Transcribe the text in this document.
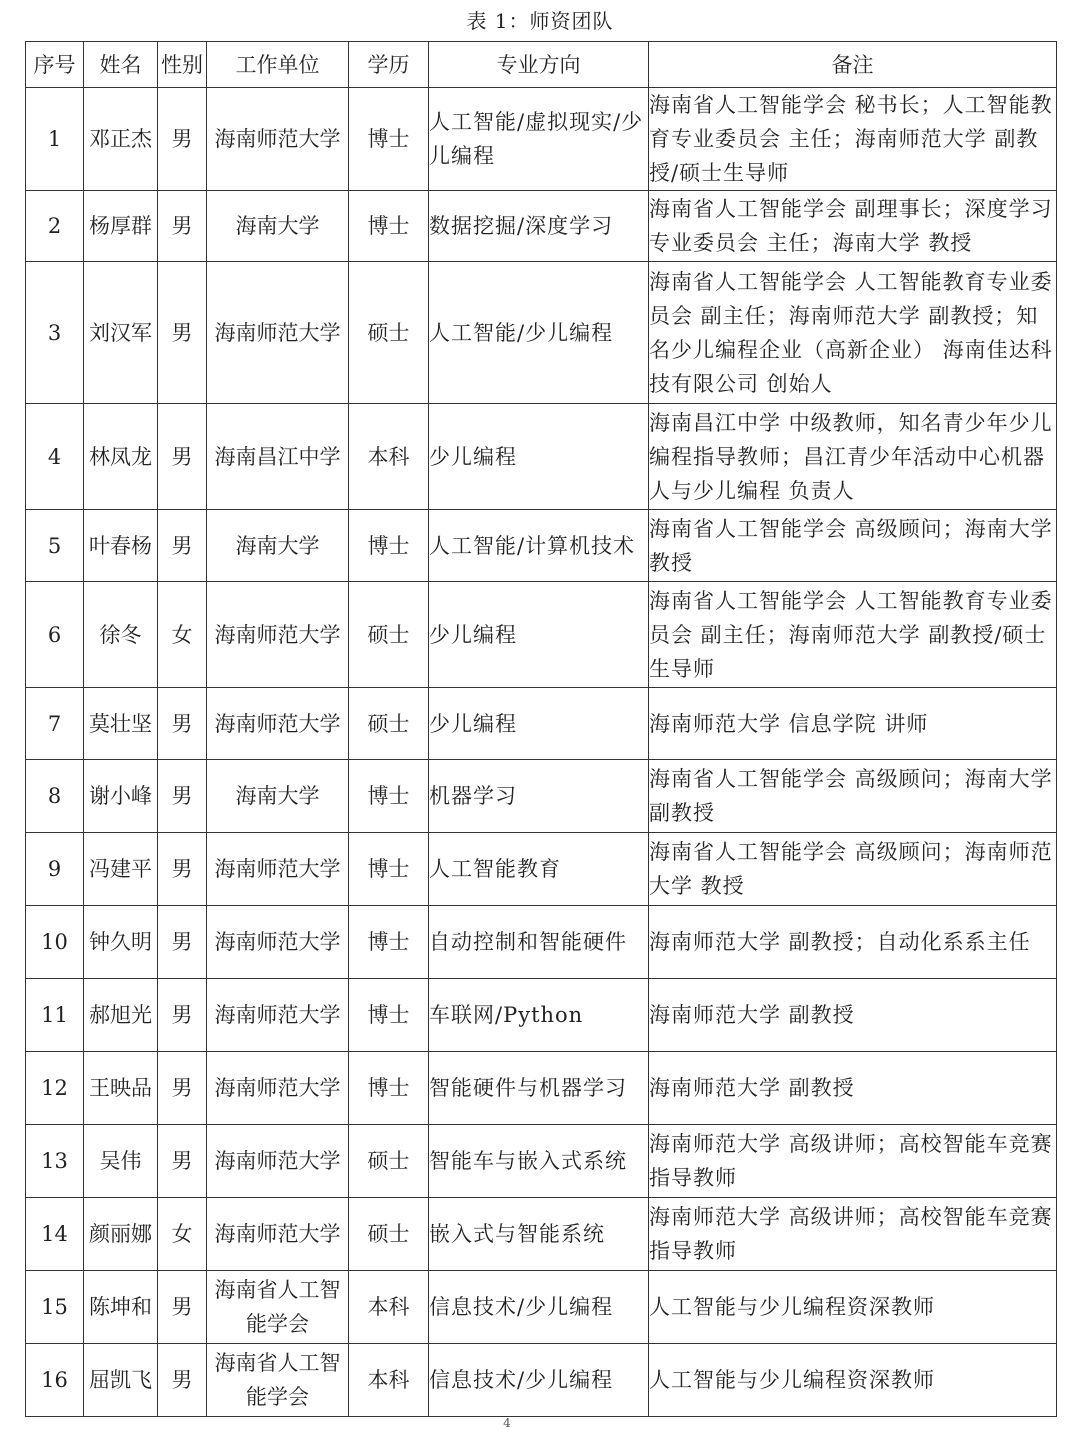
表 1：师资团队
序号	姓名	性别	工作单位	学历	专业方向	备注
1	邓正杰	男	海南师范大学	博士	人工智能/虚拟现实/少儿编程	海南省人工智能学会 秘书长；人工智能教育专业委员会 主任；海南师范大学 副教授/硕士生导师
2	杨厚群	男	海南大学	博士	数据挖掘/深度学习	海南省人工智能学会 副理事长；深度学习专业委员会 主任；海南大学 教授
3	刘汉军	男	海南师范大学	硕士	人工智能/少儿编程	海南省人工智能学会 人工智能教育专业委员会 副主任；海南师范大学 副教授；知名少儿编程企业（高新企业） 海南佳达科技有限公司 创始人
4	林凤龙	男	海南昌江中学	本科	少儿编程	海南昌江中学 中级教师，知名青少年少儿编程指导教师；昌江青少年活动中心机器人与少儿编程 负责人
5	叶春杨	男	海南大学	博士	人工智能/计算机技术	海南省人工智能学会 高级顾问；海南大学 教授
6	徐冬	女	海南师范大学	硕士	少儿编程	海南省人工智能学会 人工智能教育专业委员会 副主任；海南师范大学 副教授/硕士生导师
7	莫壮坚	男	海南师范大学	硕士	少儿编程	海南师范大学 信息学院 讲师
8	谢小峰	男	海南大学	博士	机器学习	海南省人工智能学会 高级顾问；海南大学 副教授
9	冯建平	男	海南师范大学	博士	人工智能教育	海南省人工智能学会 高级顾问；海南师范大学 教授
10	钟久明	男	海南师范大学	博士	自动控制和智能硬件	海南师范大学 副教授；自动化系系主任
11	郝旭光	男	海南师范大学	博士	车联网/Python	海南师范大学 副教授
12	王映品	男	海南师范大学	博士	智能硬件与机器学习	海南师范大学 副教授
13	吴伟	男	海南师范大学	硕士	智能车与嵌入式系统	海南师范大学 高级讲师；高校智能车竞赛 指导教师
14	颜丽娜	女	海南师范大学	硕士	嵌入式与智能系统	海南师范大学 高级讲师；高校智能车竞赛 指导教师
15	陈坤和	男	海南省人工智能学会	本科	信息技术/少儿编程	人工智能与少儿编程资深教师
16	屈凯飞	男	海南省人工智能学会	本科	信息技术/少儿编程	人工智能与少儿编程资深教师
4
